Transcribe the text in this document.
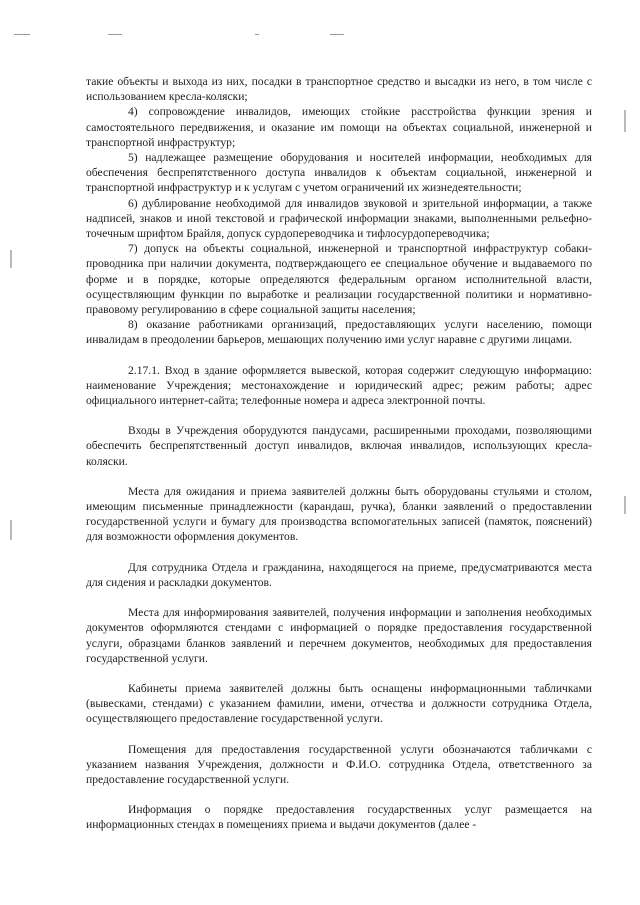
такие объекты и выхода из них, посадки в транспортное средство и высадки из него, в том числе с использованием кресла-коляски;

4) сопровождение инвалидов, имеющих стойкие расстройства функции зрения и самостоятельного передвижения, и оказание им помощи на объектах социальной, инженерной и транспортной инфраструктур;

5) надлежащее размещение оборудования и носителей информации, необходимых для обеспечения беспрепятственного доступа инвалидов к объектам социальной, инженерной и транспортной инфраструктур и к услугам с учетом ограничений их жизнедеятельности;

6) дублирование необходимой для инвалидов звуковой и зрительной информации, а также надписей, знаков и иной текстовой и графической информации знаками, выполненными рельефно-точечным шрифтом Брайля, допуск сурдопереводчика и тифлосурдопереводчика;

7) допуск на объекты социальной, инженерной и транспортной инфраструктур собаки-проводника при наличии документа, подтверждающего ее специальное обучение и выдаваемого по форме и в порядке, которые определяются федеральным органом исполнительной власти, осуществляющим функции по выработке и реализации государственной политики и нормативно-правовому регулированию в сфере социальной защиты населения;

8) оказание работниками организаций, предоставляющих услуги населению, помощи инвалидам в преодолении барьеров, мешающих получению ими услуг наравне с другими лицами.

2.17.1. Вход в здание оформляется вывеской, которая содержит следующую информацию: наименование Учреждения; местонахождение и юридический адрес; режим работы; адрес официального интернет-сайта; телефонные номера и адреса электронной почты.

Входы в Учреждения оборудуются пандусами, расширенными проходами, позволяющими обеспечить беспрепятственный доступ инвалидов, включая инвалидов, использующих кресла-коляски.

Места для ожидания и приема заявителей должны быть оборудованы стульями и столом, имеющим письменные принадлежности (карандаш, ручка), бланки заявлений о предоставлении государственной услуги и бумагу для производства вспомогательных записей (памяток, пояснений) для возможности оформления документов.

Для сотрудника Отдела и гражданина, находящегося на приеме, предусматриваются места для сидения и раскладки документов.

Места для информирования заявителей, получения информации и заполнения необходимых документов оформляются стендами с информацией о порядке предоставления государственной услуги, образцами бланков заявлений и перечнем документов, необходимых для предоставления государственной услуги.

Кабинеты приема заявителей должны быть оснащены информационными табличками (вывесками, стендами) с указанием фамилии, имени, отчества и должности сотрудника Отдела, осуществляющего предоставление государственной услуги.

Помещения для предоставления государственной услуги обозначаются табличками с указанием названия Учреждения, должности и Ф.И.О. сотрудника Отдела, ответственного за предоставление государственной услуги.

Информация о порядке предоставления государственных услуг размещается на информационных стендах в помещениях приема и выдачи документов (далее -
